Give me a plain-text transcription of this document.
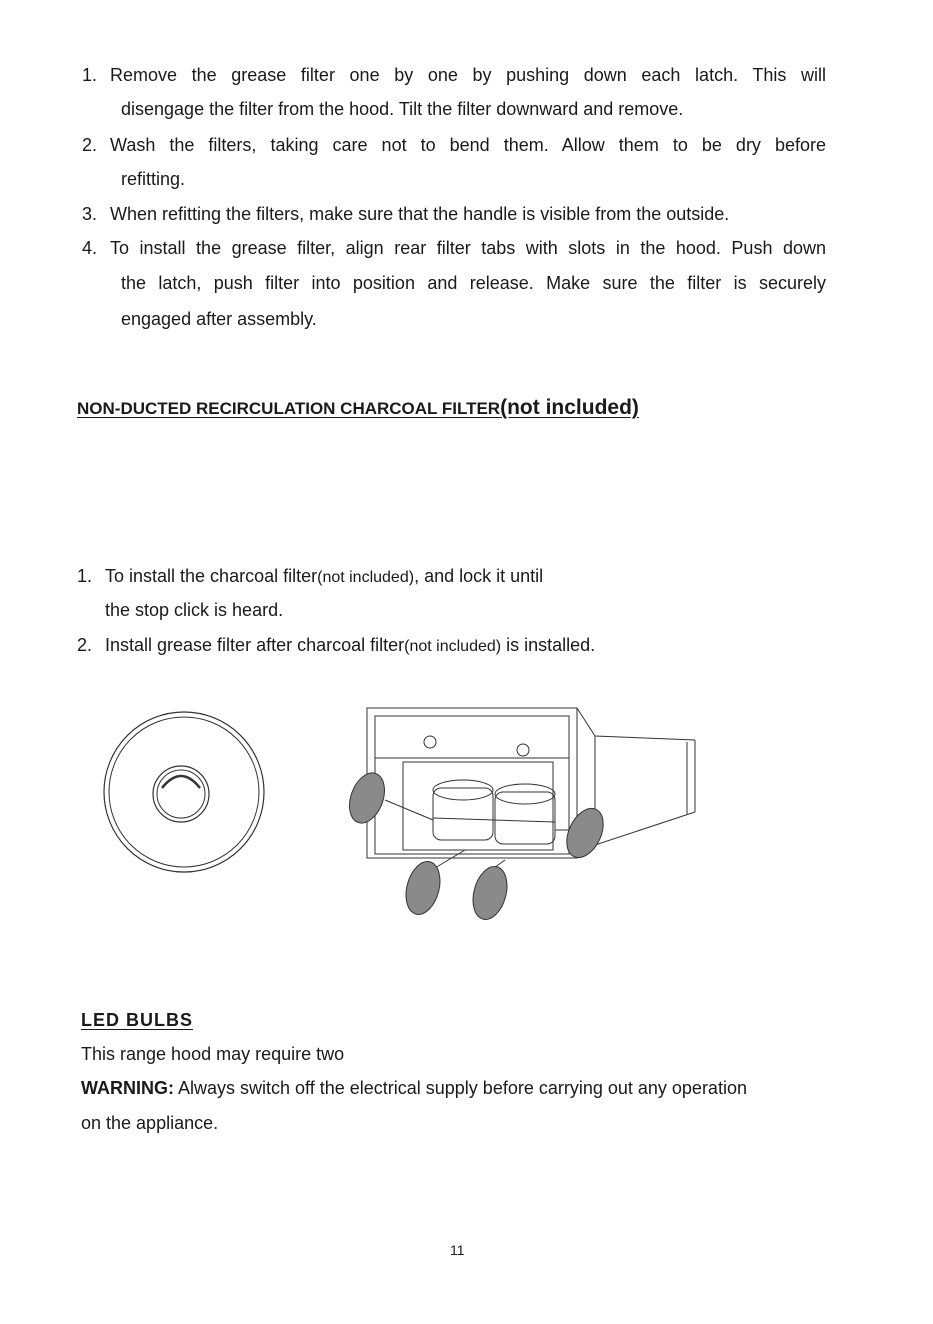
1. Remove the grease filter one by one by pushing down each latch. This will
disengage the filter from the hood. Tilt the filter downward and remove.
2. Wash the filters, taking care not to bend them. Allow them to be dry before
refitting.
3. When refitting the filters, make sure that the handle is visible from the outside.
4. To install the grease filter, align rear filter tabs with slots in the hood. Push down
the latch, push filter into position and release. Make sure the filter is securely
engaged after assembly.
NON-DUCTED RECIRCULATION CHARCOAL FILTER(not included)
1. To install the charcoal filter(not included), and lock it until
the stop click is heard.
2. Install grease filter after charcoal filter(not included) is installed.
LED BULBS
This range hood may require two
WARNING: Always switch off the electrical supply before carrying out any operation
on the appliance.
11
